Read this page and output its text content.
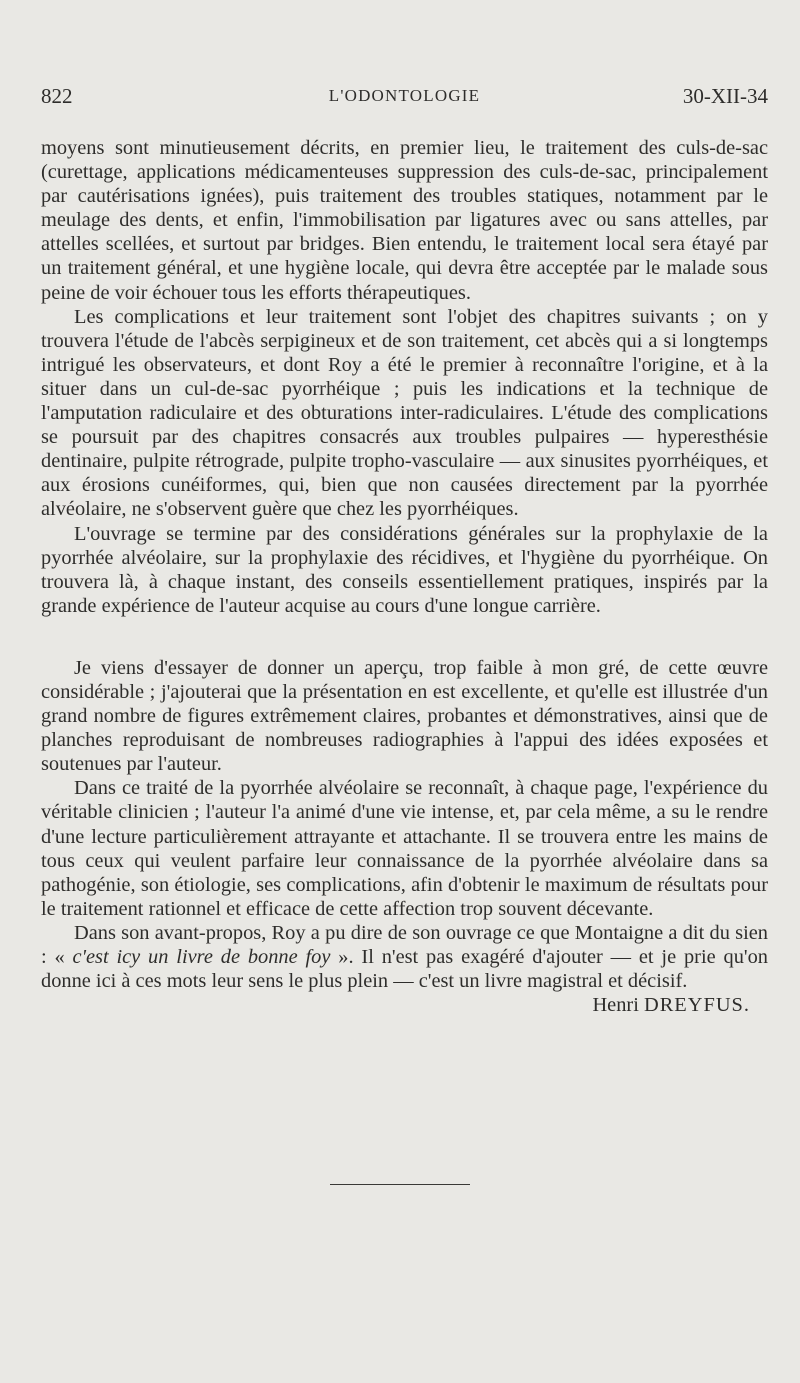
822	L'ODONTOLOGIE	30-XII-34

moyens sont minutieusement décrits, en premier lieu, le traitement des culs-de-sac (curettage, applications médicamenteuses suppression des culs-de-sac, principalement par cautérisations ignées), puis traitement des troubles statiques, notamment par le meulage des dents, et enfin, l'immobilisation par ligatures avec ou sans attelles, par attelles scellées, et surtout par bridges. Bien entendu, le traitement local sera étayé par un traitement général, et une hygiène locale, qui devra être acceptée par le malade sous peine de voir échouer tous les efforts thérapeutiques.

Les complications et leur traitement sont l'objet des chapitres suivants ; on y trouvera l'étude de l'abcès serpigineux et de son traitement, cet abcès qui a si longtemps intrigué les observateurs, et dont Roy a été le premier à reconnaître l'origine, et à la situer dans un cul-de-sac pyorrhéique ; puis les indications et la technique de l'amputation radiculaire et des obturations inter-radiculaires. L'étude des complications se poursuit par des chapitres consacrés aux troubles pulpaires — hyperesthésie dentinaire, pulpite rétrograde, pulpite tropho-vasculaire — aux sinusites pyorrhéiques, et aux érosions cunéiformes, qui, bien que non causées directement par la pyorrhée alvéolaire, ne s'observent guère que chez les pyorrhéiques.

L'ouvrage se termine par des considérations générales sur la prophylaxie de la pyorrhée alvéolaire, sur la prophylaxie des récidives, et l'hygiène du pyorrhéique. On trouvera là, à chaque instant, des conseils essentiellement pratiques, inspirés par la grande expérience de l'auteur acquise au cours d'une longue carrière.

Je viens d'essayer de donner un aperçu, trop faible à mon gré, de cette œuvre considérable ; j'ajouterai que la présentation en est excellente, et qu'elle est illustrée d'un grand nombre de figures extrêmement claires, probantes et démonstratives, ainsi que de planches reproduisant de nombreuses radiographies à l'appui des idées exposées et soutenues par l'auteur.

Dans ce traité de la pyorrhée alvéolaire se reconnaît, à chaque page, l'expérience du véritable clinicien ; l'auteur l'a animé d'une vie intense, et, par cela même, a su le rendre d'une lecture particulièrement attrayante et attachante. Il se trouvera entre les mains de tous ceux qui veulent parfaire leur connaissance de la pyorrhée alvéolaire dans sa pathogénie, son étiologie, ses complications, afin d'obtenir le maximum de résultats pour le traitement rationnel et efficace de cette affection trop souvent décevante.

Dans son avant-propos, Roy a pu dire de son ouvrage ce que Montaigne a dit du sien : « c'est icy un livre de bonne foy ». Il n'est pas exagéré d'ajouter — et je prie qu'on donne ici à ces mots leur sens le plus plein — c'est un livre magistral et décisif.

Henri DREYFUS.
